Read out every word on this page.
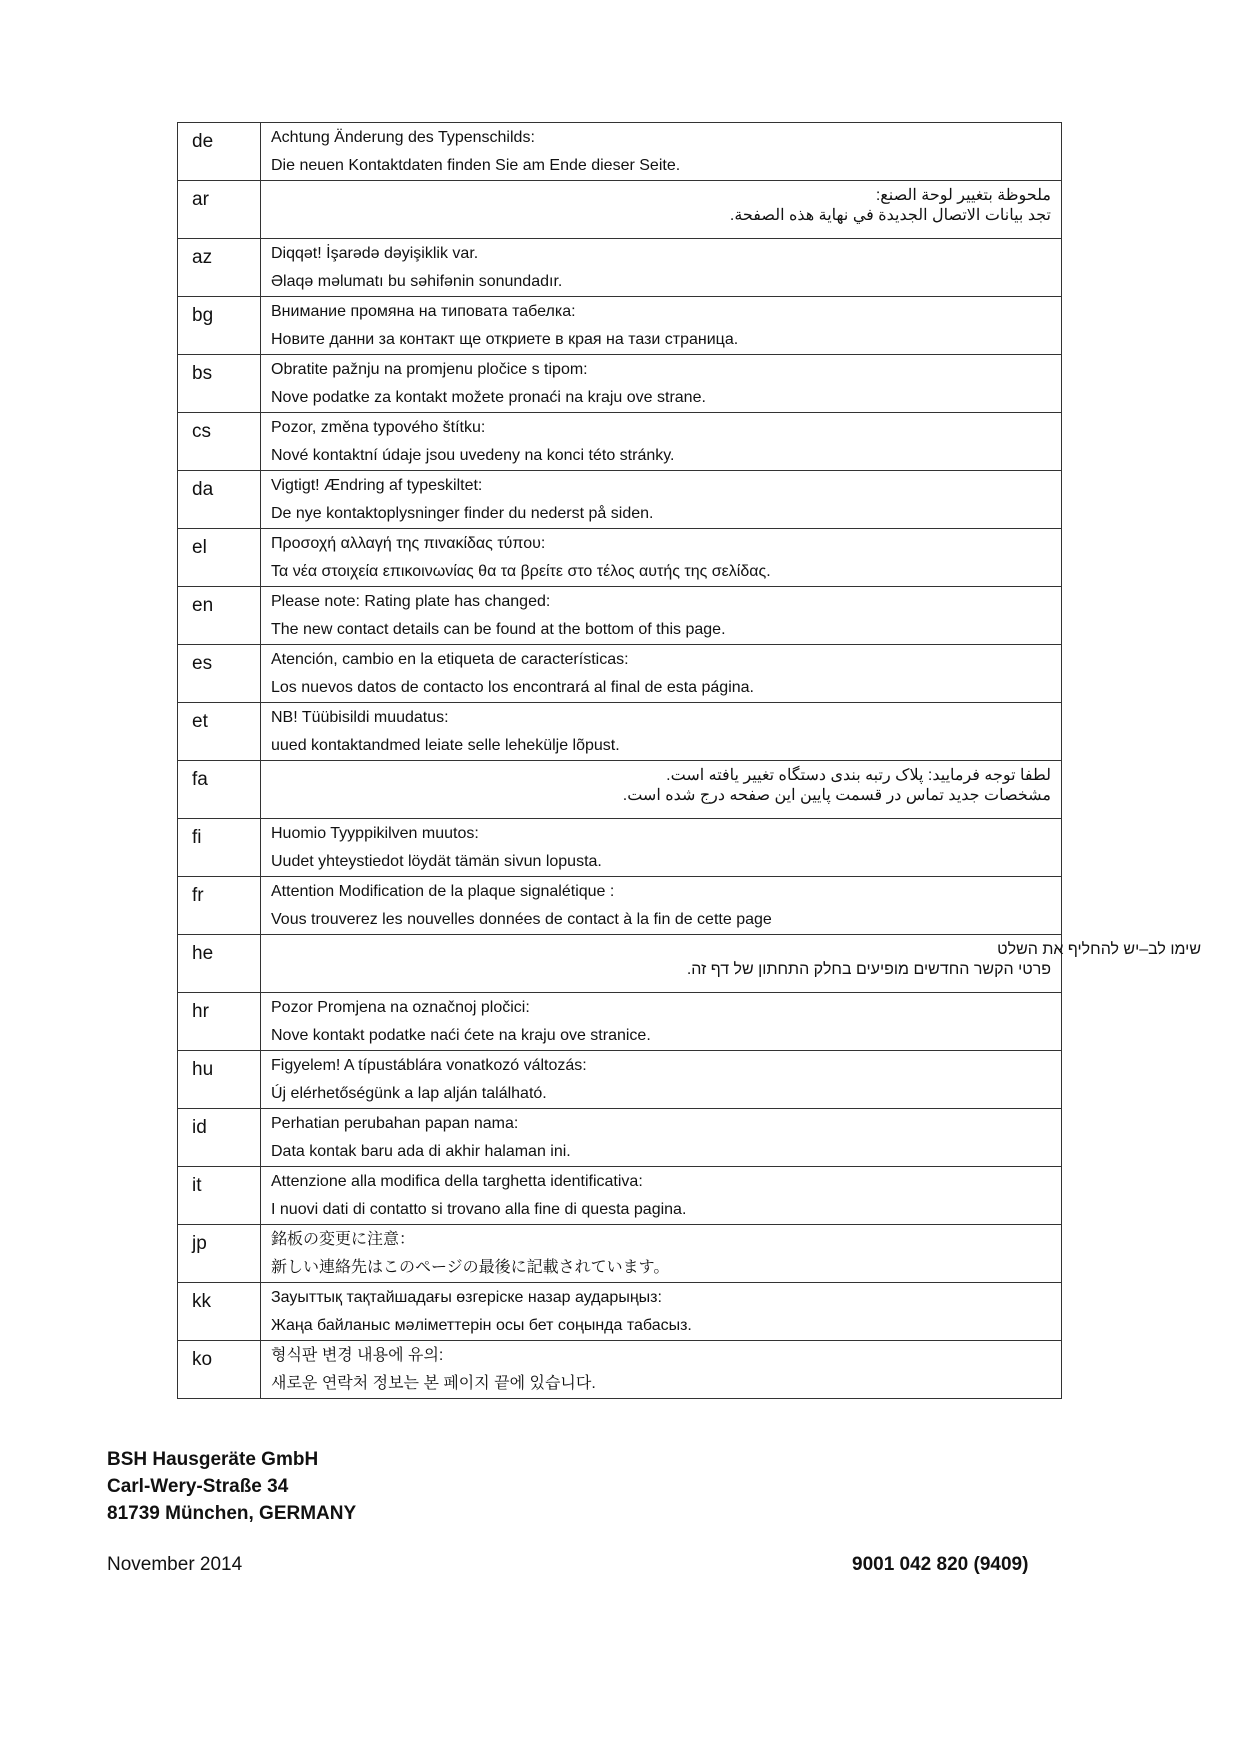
de	Achtung Änderung des Typenschilds:
Die neuen Kontaktdaten finden Sie am Ende dieser Seite.

ar	ملحوظة بتغيير لوحة الصنع:
تجد بيانات الاتصال الجديدة في نهاية هذه الصفحة.

az	Diqqət! İşarədə dəyişiklik var.
Əlaqə məlumatı bu səhifənin sonundadır.

bg	Внимание промяна на типовата табелка:
Новите данни за контакт ще откриете в края на тази страница.

bs	Obratite pažnju na promjenu pločice s tipom:
Nove podatke za kontakt možete pronaći na kraju ove strane.

cs	Pozor, změna typového štítku:
Nové kontaktní údaje jsou uvedeny na konci této stránky.

da	Vigtigt! Ændring af typeskiltet:
De nye kontaktoplysninger finder du nederst på siden.

el	Προσοχή αλλαγή της πινακίδας τύπου:
Τα νέα στοιχεία επικοινωνίας θα τα βρείτε στο τέλος αυτής της σελίδας.

en	Please note: Rating plate has changed:
The new contact details can be found at the bottom of this page.

es	Atención, cambio en la etiqueta de características:
Los nuevos datos de contacto los encontrará al final de esta página.

et	NB! Tüübisildi muudatus:
uued kontaktandmed leiate selle lehekülje lõpust.

fa	لطفا توجه فرمایید: پلاک رتبه بندی دستگاه تغییر یافته است.
مشخصات جدید تماس در قسمت پایین این صفحه درج شده است.

fi	Huomio Tyyppikilven muutos:
Uudet yhteystiedot löydät tämän sivun lopusta.

fr	Attention Modification de la plaque signalétique :
Vous trouverez les nouvelles données de contact à la fin de cette page

he	שימו לב–יש להחליף את השלט
פרטי הקשר החדשים מופיעים בחלק התחתון של דף זה.

hr	Pozor Promjena na označnoj pločici:
Nove kontakt podatke naći ćete na kraju ove stranice.

hu	Figyelem! A típustáblára vonatkozó változás:
Új elérhetőségünk a lap alján található.

id	Perhatian perubahan papan nama:
Data kontak baru ada di akhir halaman ini.

it	Attenzione alla modifica della targhetta identificativa:
I nuovi dati di contatto si trovano alla fine di questa pagina.

jp	銘板の変更に注意：
新しい連絡先はこのページの最後に記載されています。

kk	Зауыттық тақтайшадағы өзгеріске назар аударыңыз:
Жаңа байланыс мәліметтерін осы бет соңында табасыз.

ko	형식판 변경 내용에 유의:
새로운 연락처 정보는 본 페이지 끝에 있습니다.
BSH Hausgeräte GmbH
Carl-Wery-Straße 34
81739 München, GERMANY
November 2014	9001 042 820 (9409)
